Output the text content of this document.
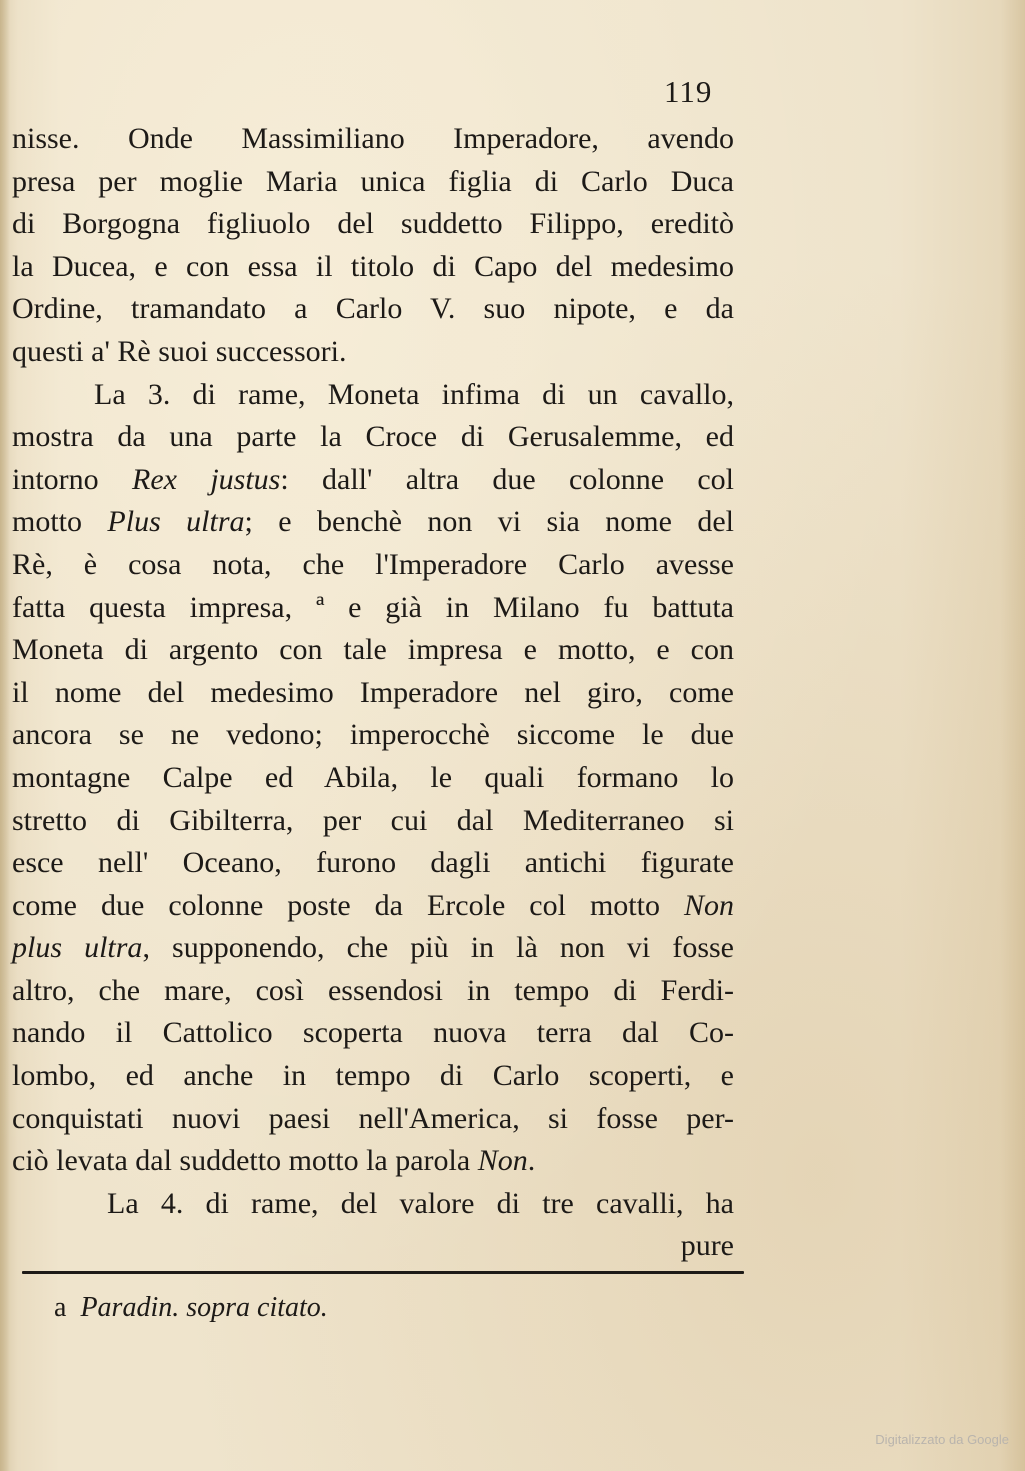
119
nisse. Onde Massimiliano Imperadore, avendo
presa per moglie Maria unica figlia di Carlo Duca
di Borgogna figliuolo del suddetto Filippo, ereditò
la Ducea, e con essa il titolo di Capo del medesimo
Ordine, tramandato a Carlo V. suo nipote, e da
questi a' Rè suoi successori.
La 3. di rame, Moneta infima di un cavallo,
mostra da una parte la Croce di Gerusalemme, ed
intorno Rex justus: dall' altra due colonne col
motto Plus ultra; e benchè non vi sia nome del
Rè, è cosa nota, che l'Imperadore Carlo avesse
fatta questa impresa, ª e già in Milano fu battuta
Moneta di argento con tale impresa e motto, e con
il nome del medesimo Imperadore nel giro, come
ancora se ne vedono; imperocchè siccome le due
montagne Calpe ed Abila, le quali formano lo
stretto di Gibilterra, per cui dal Mediterraneo si
esce nell' Oceano, furono dagli antichi figurate
come due colonne poste da Ercole col motto Non
plus ultra, supponendo, che più in là non vi fosse
altro, che mare, così essendosi in tempo di Ferdi-
nando il Cattolico scoperta nuova terra dal Co-
lombo, ed anche in tempo di Carlo scoperti, e
conquistati nuovi paesi nell'America, si fosse per-
ciò levata dal suddetto motto la parola Non.
La 4. di rame, del valore di tre cavalli, ha
pure
a Paradin. sopra citato.
Digitalizzato da Google
